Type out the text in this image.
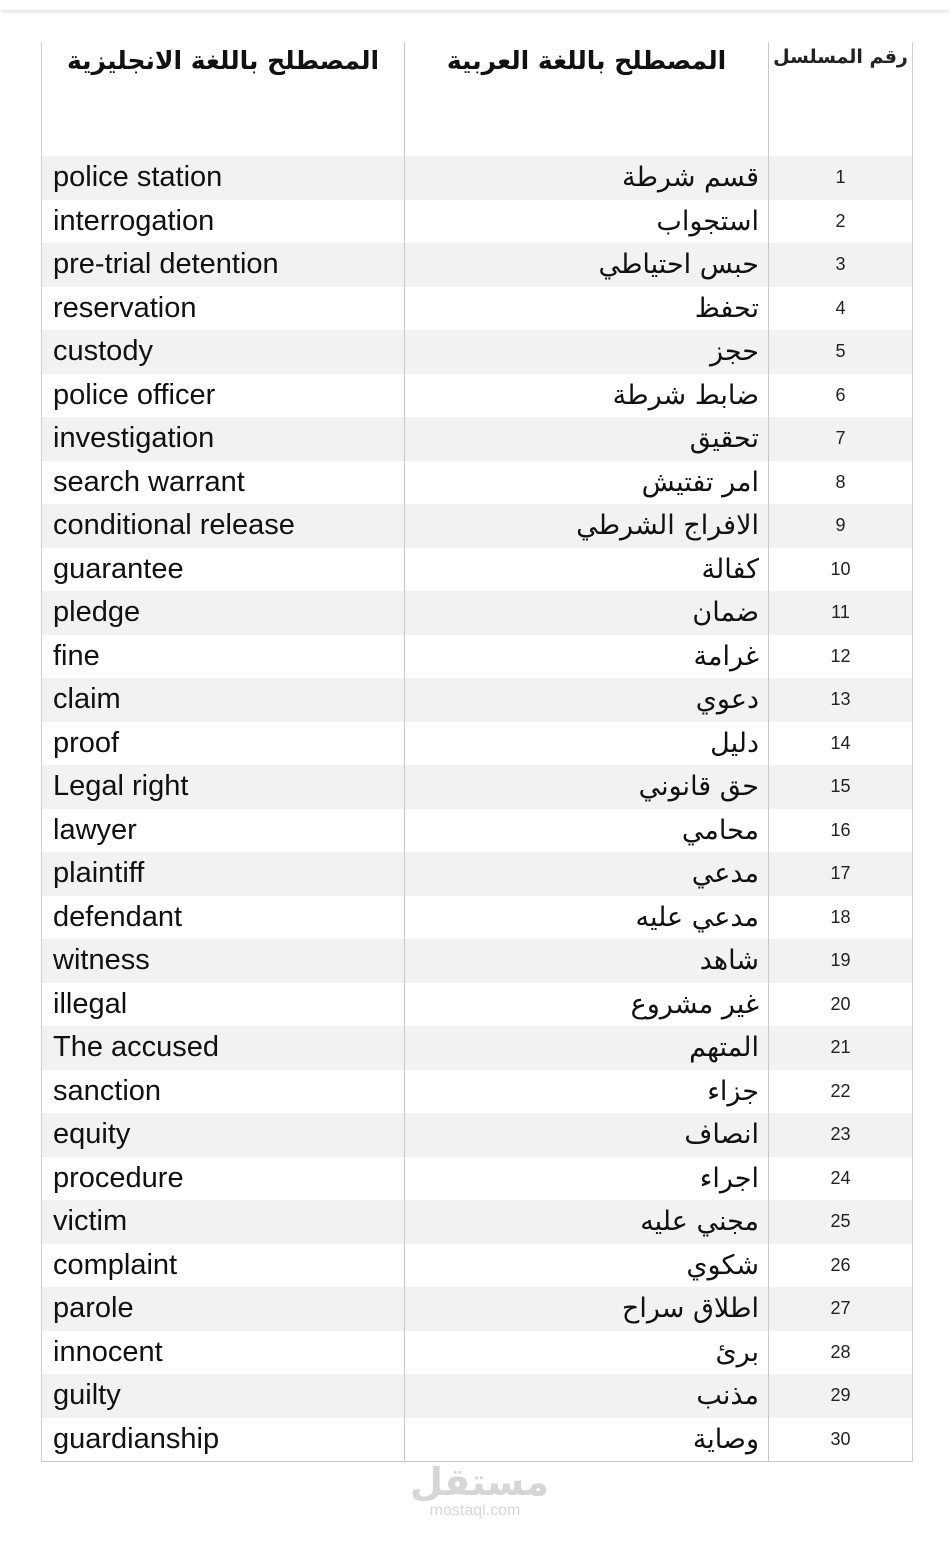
المصطلح باللغة الانجليزية	المصطلح باللغة العربية	رقم المسلسل
police station	قسم شرطة	1
interrogation	استجواب	2
pre-trial detention	حبس احتياطي	3
reservation	تحفظ	4
custody	حجز	5
police officer	ضابط شرطة	6
investigation	تحقيق	7
search warrant	امر تفتيش	8
conditional release	الافراج الشرطي	9
guarantee	كفالة	10
pledge	ضمان	11
fine	غرامة	12
claim	دعوي	13
proof	دليل	14
Legal right	حق قانوني	15
lawyer	محامي	16
plaintiff	مدعي	17
defendant	مدعي عليه	18
witness	شاهد	19
illegal	غير مشروع	20
The accused	المتهم	21
sanction	جزاء	22
equity	انصاف	23
procedure	اجراء	24
victim	مجني عليه	25
complaint	شكوي	26
parole	اطلاق سراح	27
innocent	برئ	28
guilty	مذنب	29
guardianship	وصاية	30
مستقل
mostaql.com
